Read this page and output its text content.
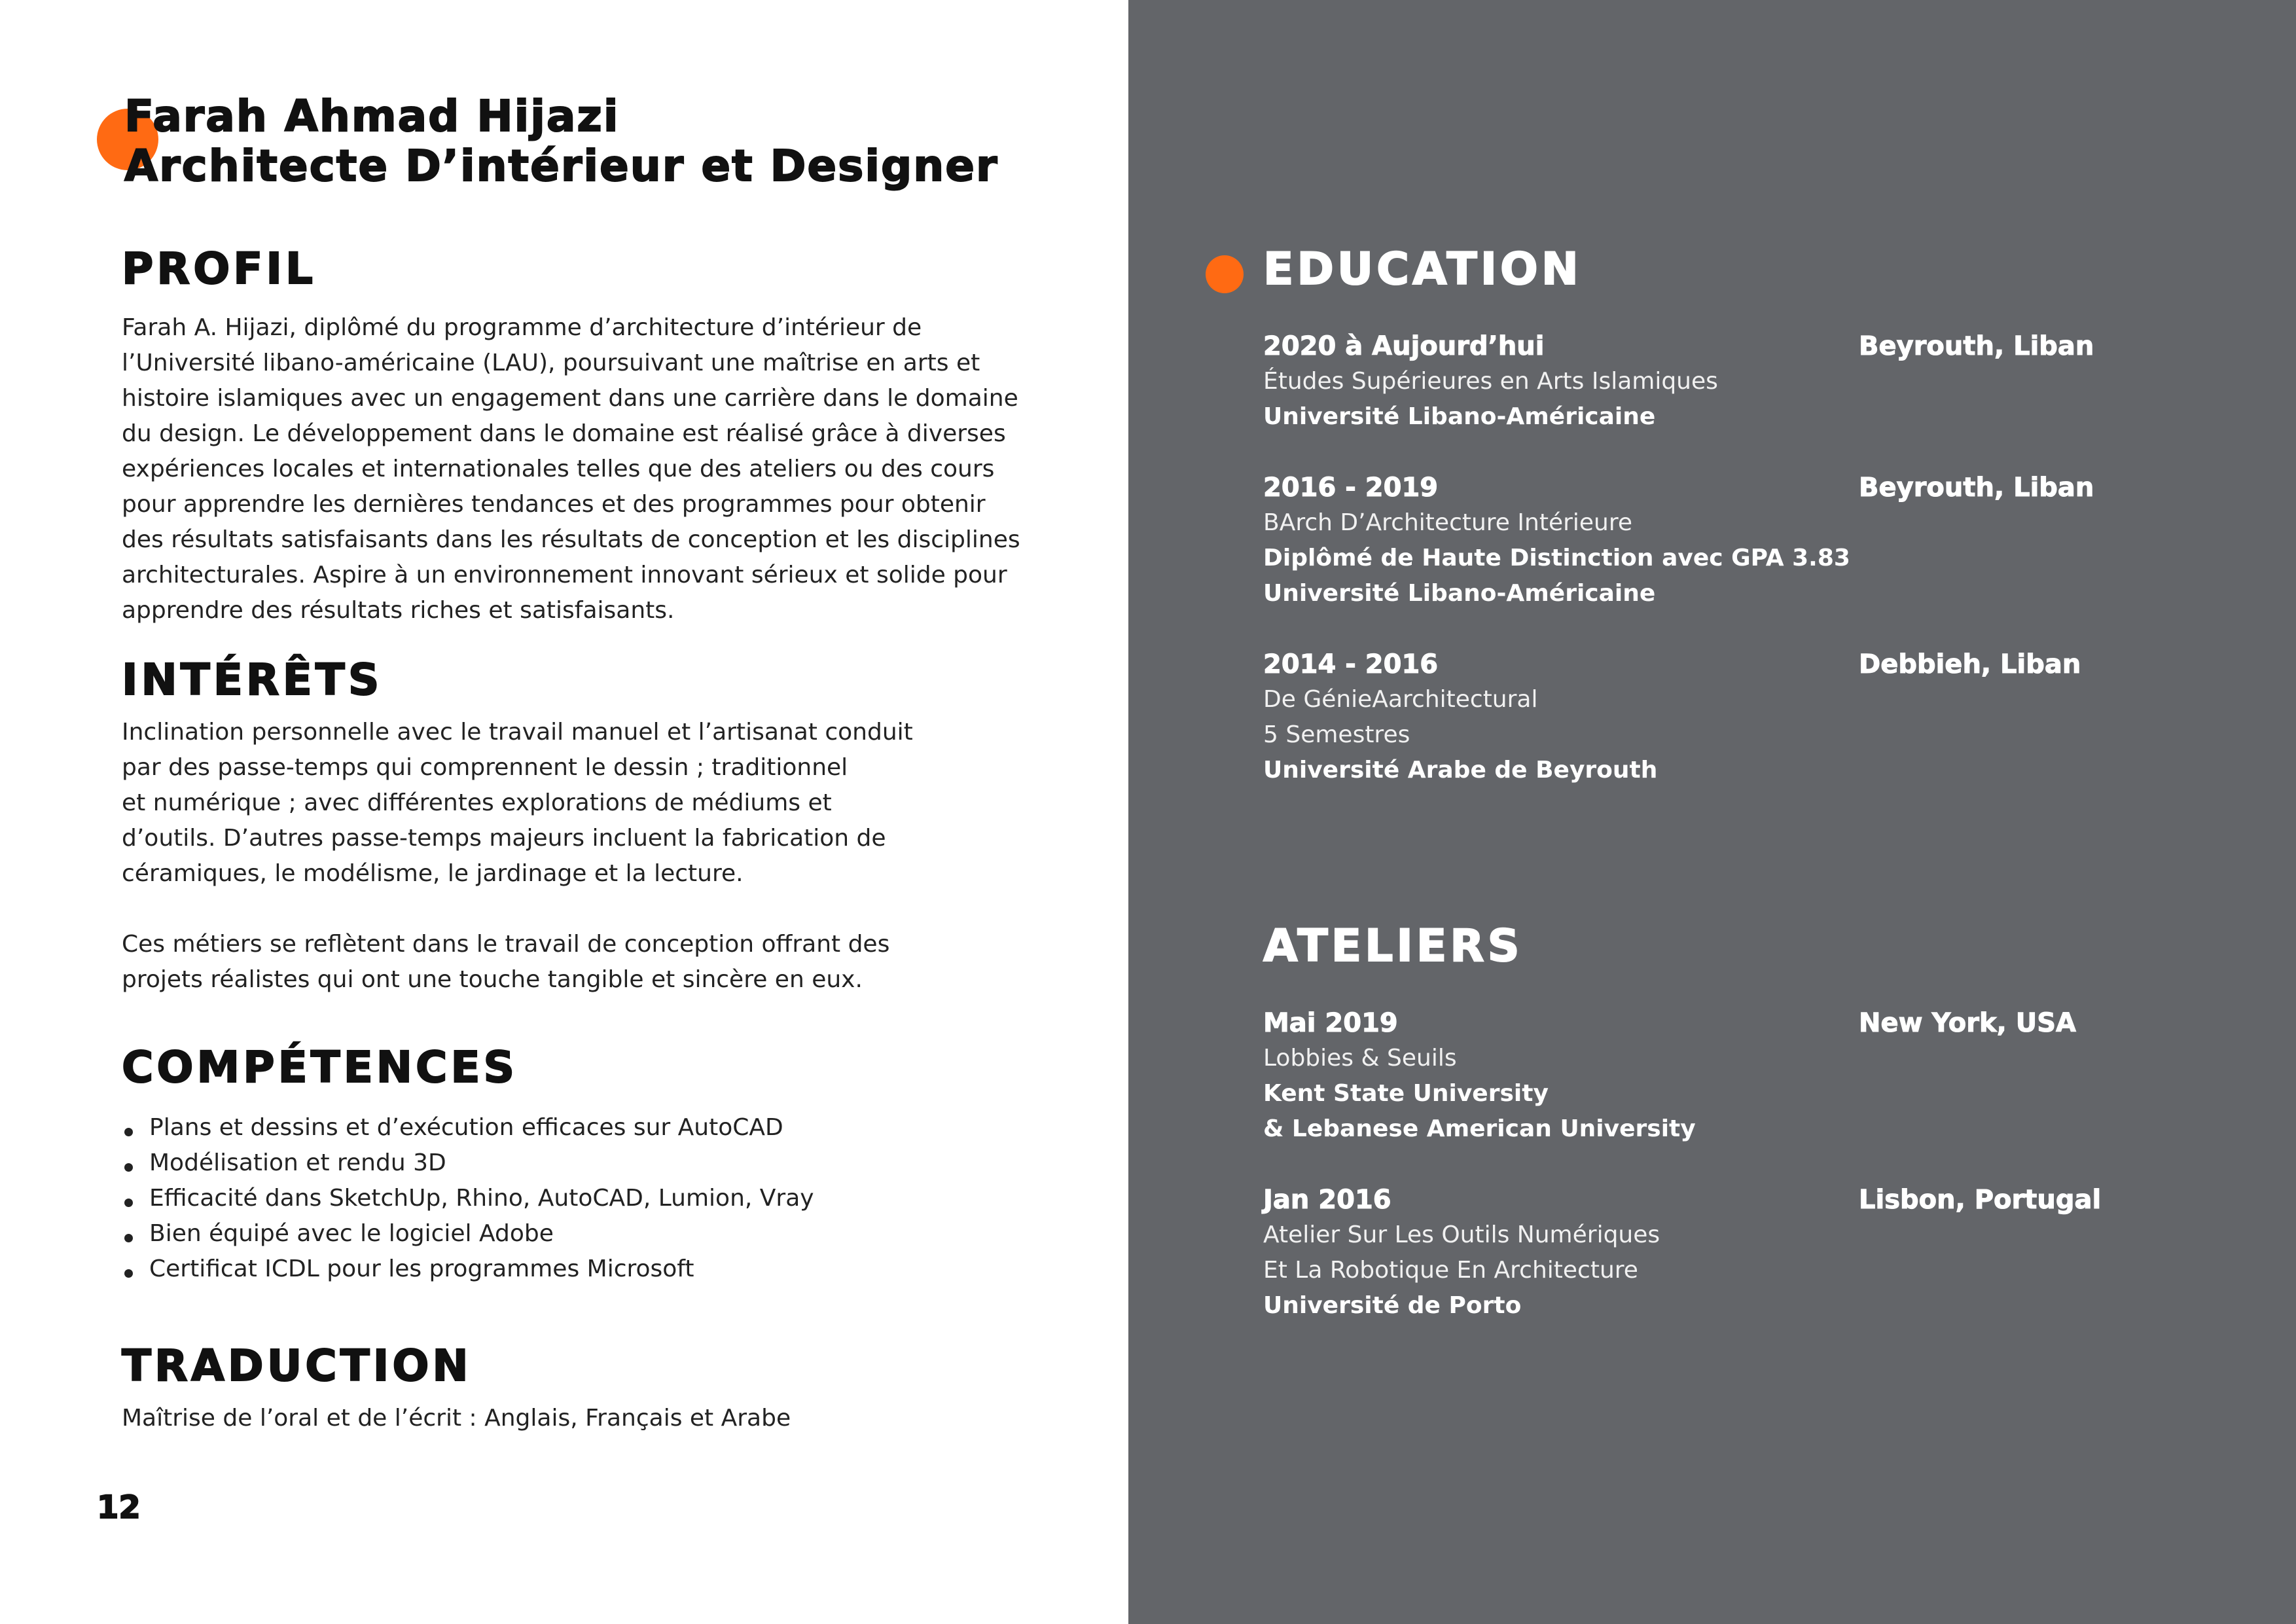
Farah Ahmad Hijazi
Architecte D’intérieur et Designer
PROFIL
Farah A. Hijazi, diplômé du programme d’architecture d’intérieur de
l’Université libano-américaine (LAU), poursuivant une maîtrise en arts et
histoire islamiques avec un engagement dans une carrière dans le domaine
du design. Le développement dans le domaine est réalisé grâce à diverses
expériences locales et internationales telles que des ateliers ou des cours
pour apprendre les dernières tendances et des programmes pour obtenir
des résultats satisfaisants dans les résultats de conception et les disciplines
architecturales. Aspire à un environnement innovant sérieux et solide pour
apprendre des résultats riches et satisfaisants.
INTÉRÊTS
Inclination personnelle avec le travail manuel et l’artisanat conduit
par des passe-temps qui comprennent le dessin ; traditionnel
et numérique ; avec différentes explorations de médiums et
d’outils. D’autres passe-temps majeurs incluent la fabrication de
céramiques, le modélisme, le jardinage et la lecture.
Ces métiers se reflètent dans le travail de conception offrant des
projets réalistes qui ont une touche tangible et sincère en eux.
COMPÉTENCES
Plans et dessins et d’exécution efficaces sur AutoCAD
Modélisation et rendu 3D
Efficacité dans SketchUp, Rhino, AutoCAD, Lumion, Vray
Bien équipé avec le logiciel Adobe
Certificat ICDL pour les programmes Microsoft
TRADUCTION
Maîtrise de l’oral et de l’écrit : Anglais, Français et Arabe
12
EDUCATION
2020 à Aujourd’hui	Beyrouth, Liban
Études Supérieures en Arts Islamiques
Université Libano-Américaine
2016 - 2019	Beyrouth, Liban
BArch D’Architecture Intérieure
Diplômé de Haute Distinction avec GPA 3.83
Université Libano-Américaine
2014 - 2016	Debbieh, Liban
De GénieAarchitectural
5 Semestres
Université Arabe de Beyrouth
ATELIERS
Mai 2019	New York, USA
Lobbies & Seuils
Kent State University
& Lebanese American University
Jan 2016	Lisbon, Portugal
Atelier Sur Les Outils Numériques
Et La Robotique En Architecture
Université de Porto
